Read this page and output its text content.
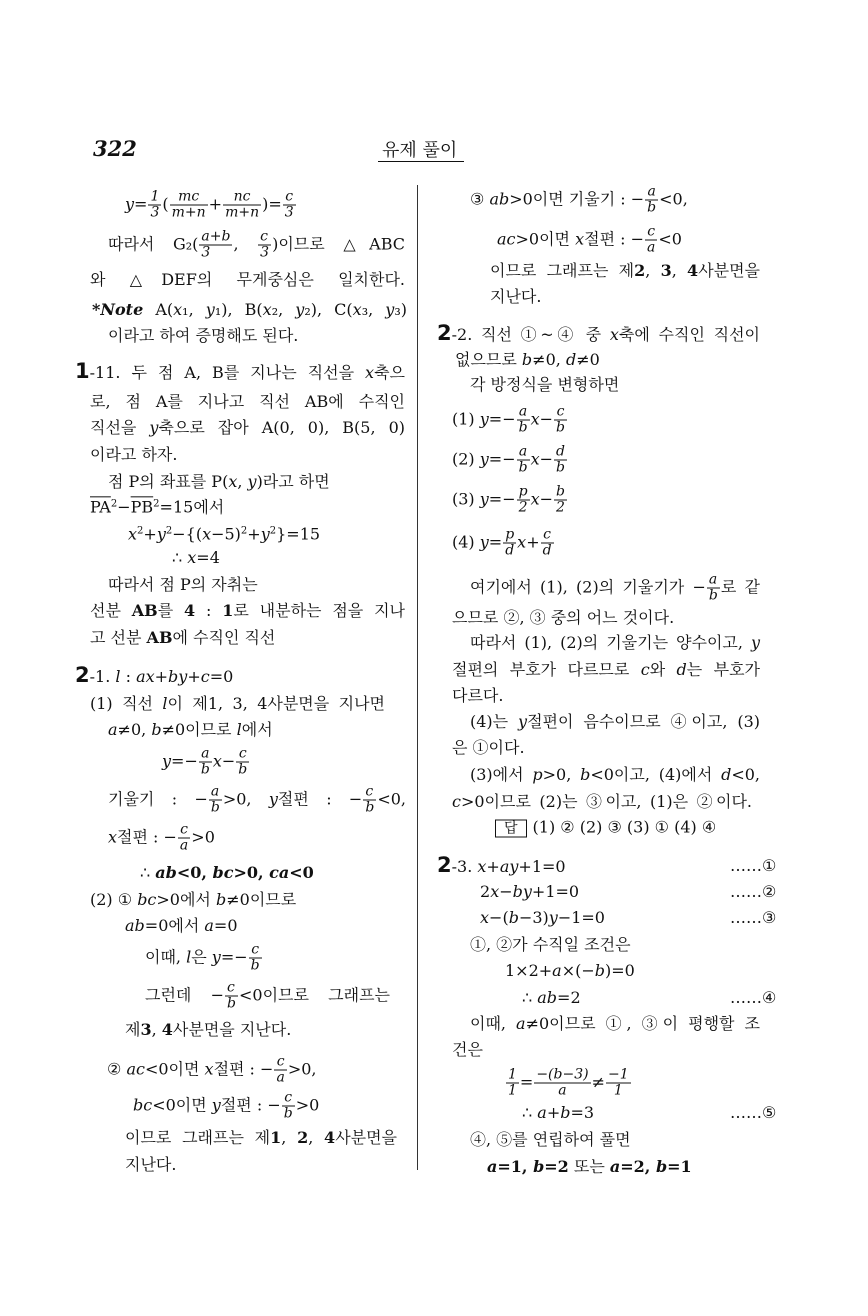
322	유제 풀이
$y= \frac{1}{3}$ ( $\frac{mc}{m+n} + \frac{nc}{m+n}$ )= $\frac{c}{3}$
따라서 $G_2( \frac{a+b}{3}$ , $\frac{c}{3}$ )이므로 △ABC
와 △DEF의 무게중심은 일치한다.
*Note A(x₁, y₁), B(x₂, y₂), C(x₃, y₃)
이라고 하여 증명해도 된다.
1-11. 두 점 A, B를 지나는 직선을 x축으
로, 점 A를 지나고 직선 AB에 수직인
직선을 y축으로 잡아 A(0, 0), B(5, 0)
이라고 하자.
점 P의 좌표를 P(x, y)라고 하면
$\overline{PA}^2-\overline{PB}^2=15$에서
$x^2+y^2-\{(x-5)^2+y^2\}=15$
∴ x=4
따라서 점 P의 자취는
선분 AB를 4 : 1로 내분하는 점을 지나
고 선분 AB에 수직인 직선
2-1. l : ax+by+c=0
(1) 직선 l이 제1, 3, 4사분면을 지나면
a≠0, b≠0이므로 l에서
$y=- \frac{a}{b} x- \frac{c}{b}$
기울기 : − $\frac{a}{b} >0$, y절편 : − $\frac{c}{b} <0$,
x절편 : − $\frac{c}{a} >0$
∴ ab<0, bc>0, ca<0
(2) ① bc>0에서 b≠0이므로
ab=0에서 a=0
이때, l은 $y=- \frac{c}{b}$
그런데 − $\frac{c}{b} <0$이므로 그래프는
제3, 4사분면을 지난다.
② ac<0이면 x절편 : − $\frac{c}{a} >0$,
bc<0이면 y절편 : − $\frac{c}{b} >0$
이므로 그래프는 제1, 2, 4사분면을
지난다.
③ ab>0이면 기울기 : − $\frac{a}{b} <0$,
ac>0이면 x절편 : − $\frac{c}{a} <0$
이므로 그래프는 제2, 3, 4사분면을
지난다.
2-2. 직선 ①~④ 중 x축에 수직인 직선이
없으므로 b≠0, d≠0
각 방정식을 변형하면
(1) $y=- \frac{a}{b} x- \frac{c}{b}$
(2) $y=- \frac{a}{b} x- \frac{d}{b}$
(3) $y=- \frac{p}{2} x- \frac{b}{2}$
(4) $y= \frac{p}{d} x+ \frac{c}{d}$
여기에서 (1), (2)의 기울기가 − $\frac{a}{b}$ 로 같
으므로 ②, ③ 중의 어느 것이다.
따라서 (1), (2)의 기울기는 양수이고, y
절편의 부호가 다르므로 c와 d는 부호가
다르다.
(4)는 y절편이 음수이므로 ④이고, (3)
은 ①이다.
(3)에서 p>0, b<0이고, (4)에서 d<0,
c>0이므로 (2)는 ③이고, (1)은 ②이다.
답 (1) ② (2) ③ (3) ① (4) ④
2-3. x+ay+1=0
2x−by+1=0
x−(b−3)y−1=0
①, ②가 수직일 조건은
1×2+a×(−b)=0
∴ ab=2
이때, a≠0이므로 ①, ③이 평행할 조
건은
$\frac{1}{1} = \frac{-(b-3)}{a} \ne \frac{-1}{1}$
∴ a+b=3
④, ⑤를 연립하여 풀면
a=1, b=2 또는 a=2, b=1
……①
……②
……③
……④
……⑤
